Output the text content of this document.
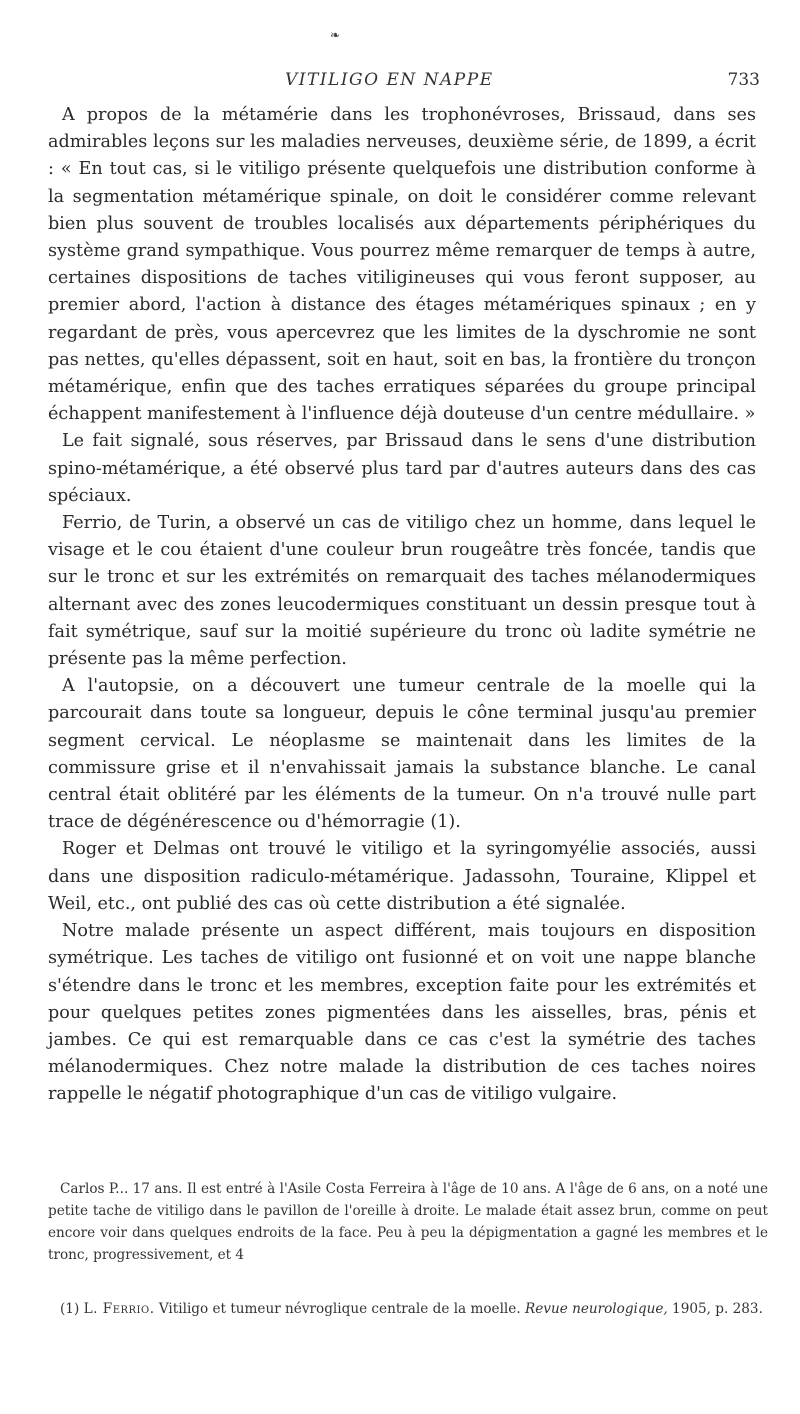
❧
VITILIGO EN NAPPE	733

A propos de la métamérie dans les trophonévroses, Brissaud, dans ses admirables leçons sur les maladies nerveuses, deuxième série, de 1899, a écrit : « En tout cas, si le vitiligo présente quelquefois une distribution conforme à la segmentation métamérique spinale, on doit le considérer comme relevant bien plus souvent de troubles localisés aux départements périphériques du système grand sympathique. Vous pourrez même remarquer de temps à autre, certaines dispositions de taches vitiligineuses qui vous feront supposer, au premier abord, l'action à distance des étages métamériques spinaux ; en y regardant de près, vous apercevrez que les limites de la dyschromie ne sont pas nettes, qu'elles dépassent, soit en haut, soit en bas, la frontière du tronçon métamérique, enfin que des taches erratiques séparées du groupe principal échappent manifestement à l'influence déjà douteuse d'un centre médullaire. »

Le fait signalé, sous réserves, par Brissaud dans le sens d'une distribution spino-métamérique, a été observé plus tard par d'autres auteurs dans des cas spéciaux.

Ferrio, de Turin, a observé un cas de vitiligo chez un homme, dans lequel le visage et le cou étaient d'une couleur brun rougeâtre très foncée, tandis que sur le tronc et sur les extrémités on remarquait des taches mélanodermiques alternant avec des zones leucodermiques constituant un dessin presque tout à fait symétrique, sauf sur la moitié supérieure du tronc où ladite symétrie ne présente pas la même perfection.

A l'autopsie, on a découvert une tumeur centrale de la moelle qui la parcourait dans toute sa longueur, depuis le cône terminal jusqu'au premier segment cervical. Le néoplasme se maintenait dans les limites de la commissure grise et il n'envahissait jamais la substance blanche. Le canal central était oblitéré par les éléments de la tumeur. On n'a trouvé nulle part trace de dégénérescence ou d'hémorragie (1).

Roger et Delmas ont trouvé le vitiligo et la syringomyélie associés, aussi dans une disposition radiculo-métamérique. Jadassohn, Touraine, Klippel et Weil, etc., ont publié des cas où cette distribution a été signalée.

Notre malade présente un aspect différent, mais toujours en disposition symétrique. Les taches de vitiligo ont fusionné et on voit une nappe blanche s'étendre dans le tronc et les membres, exception faite pour les extrémités et pour quelques petites zones pigmentées dans les aisselles, bras, pénis et jambes. Ce qui est remarquable dans ce cas c'est la symétrie des taches mélanodermiques. Chez notre malade la distribution de ces taches noires rappelle le négatif photographique d'un cas de vitiligo vulgaire.

Carlos P... 17 ans. Il est entré à l'Asile Costa Ferreira à l'âge de 10 ans. A l'âge de 6 ans, on a noté une petite tache de vitiligo dans le pavillon de l'oreille à droite. Le malade était assez brun, comme on peut encore voir dans quelques endroits de la face. Peu à peu la dépigmentation a gagné les membres et le tronc, progressivement, et 4

(1) L. Ferrio. Vitiligo et tumeur névroglique centrale de la moelle. Revue neurologique, 1905, p. 283.
